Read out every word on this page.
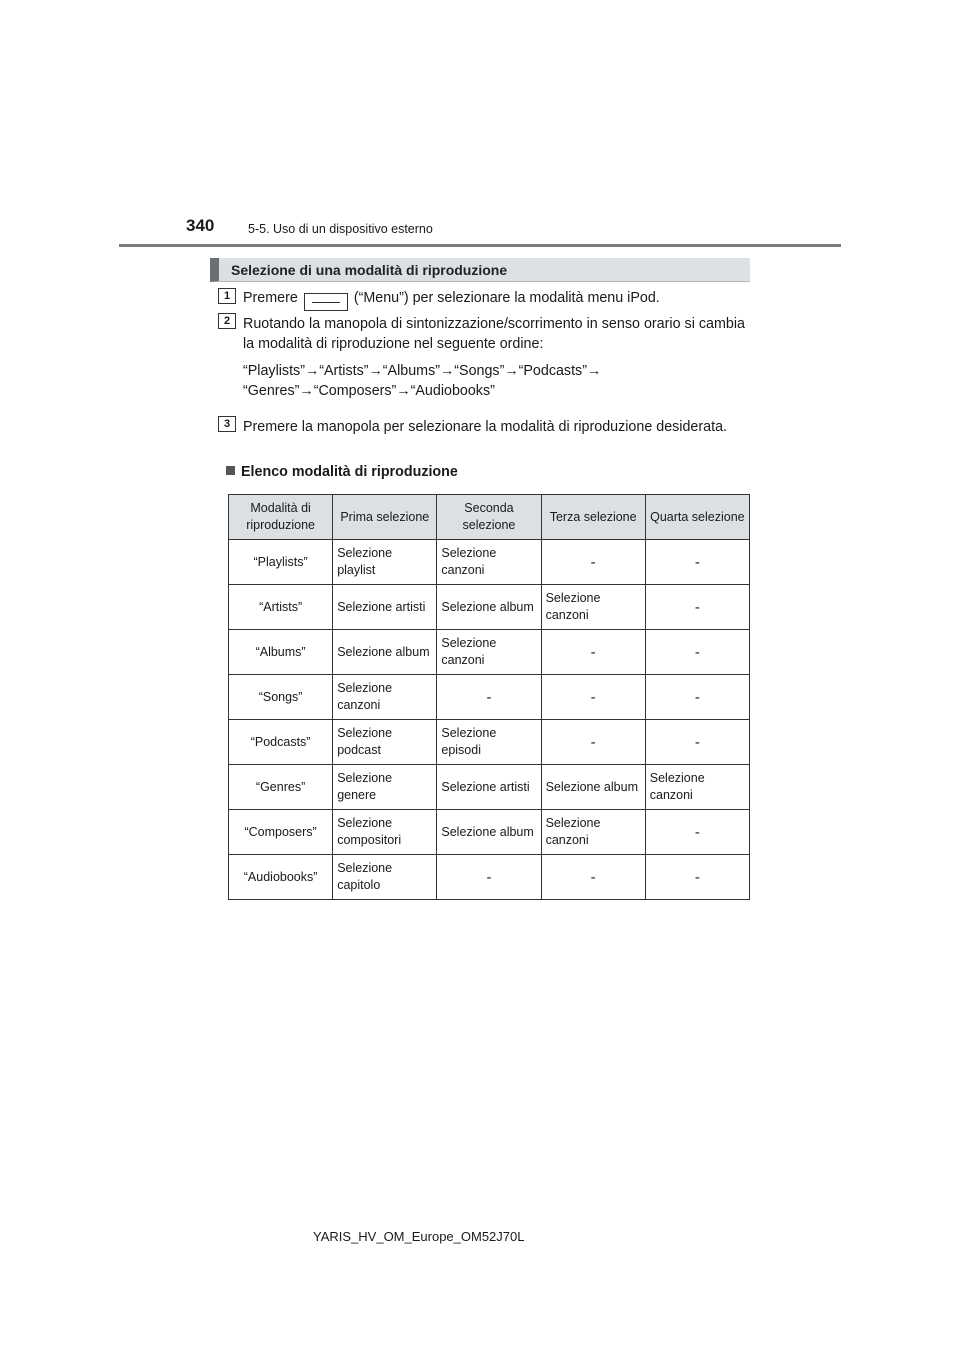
340	5-5. Uso di un dispositivo esterno
Selezione di una modalità di riproduzione
1 Premere —— (“Menu”) per selezionare la modalità menu iPod.
2 Ruotando la manopola di sintonizzazione/scorrimento in senso orario si cambia la modalità di riproduzione nel seguente ordine:
“Playlists”→“Artists”→“Albums”→“Songs”→“Podcasts”→
“Genres”→“Composers”→“Audiobooks”
3 Premere la manopola per selezionare la modalità di riproduzione desiderata.
Elenco modalità di riproduzione
Modalità di riproduzione	Prima selezione	Seconda selezione	Terza selezione	Quarta selezione
“Playlists”	Selezione playlist	Selezione canzoni	-	-
“Artists”	Selezione artisti	Selezione album	Selezione canzoni	-
“Albums”	Selezione album	Selezione canzoni	-	-
“Songs”	Selezione canzoni	-	-	-
“Podcasts”	Selezione podcast	Selezione episodi	-	-
“Genres”	Selezione genere	Selezione artisti	Selezione album	Selezione canzoni
“Composers”	Selezione compositori	Selezione album	Selezione canzoni	-
“Audiobooks”	Selezione capitolo	-	-	-
YARIS_HV_OM_Europe_OM52J70L
